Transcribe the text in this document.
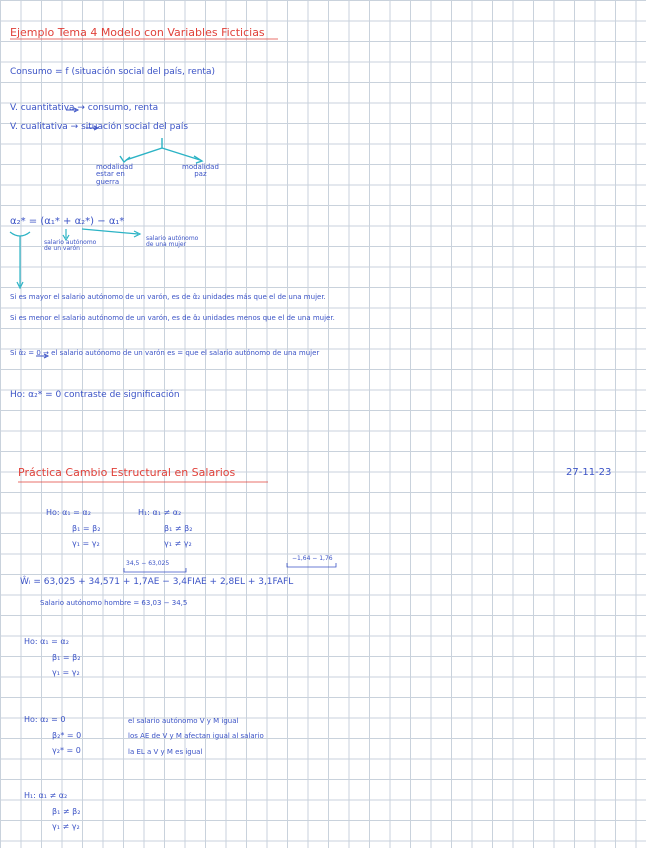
Ejemplo Tema 4 Modelo con Variables Ficticias
Consumo = f (situación social del país, renta)
V. cuantitativa → consumo, renta
V. cualitativa → situación social del país
modalidad
estar en
guerra
modalidad
paz
α₂* = (α₁* + α₂*) − α₁*
salario autónomo
de un varón
salario autónomo
de una mujer
Si es mayor el salario autónomo de un varón, es de α̂₂ unidades más que el de una mujer.
Si es menor el salario autónomo de un varón, es de α̂₂ unidades menos que el de una mujer.
Si α̂₂ = 0 → el salario autónomo de un varón es = que el salario autónomo de una mujer
Ho: α₂* = 0 contraste de significación
Práctica Cambio Estructural en Salarios	27-11-23
Ho: α₁ = α₂
β₁ = β₂
γ₁ = γ₂
H₁: α₁ ≠ α₂
β₁ ≠ β₂
γ₁ ≠ γ₂
34,5 − 63,025
−1,64 − 1,76
Ŵᵢ = 63,025 + 34,571 + 1,7AE − 3,4FIAE + 2,8EL + 3,1FAFL
Salario autónomo hombre = 63,03 − 34,5
Ho: α₁ = α₂
β₁ = β₂
γ₁ = γ₂
Ho: α₂ = 0
β₂* = 0
γ₂* = 0
el salario autónomo V y M igual
los AE de V y M afectan igual al salario
la EL a V y M es igual
H₁: α₁ ≠ α₂
β₁ ≠ β₂
γ₁ ≠ γ₂
